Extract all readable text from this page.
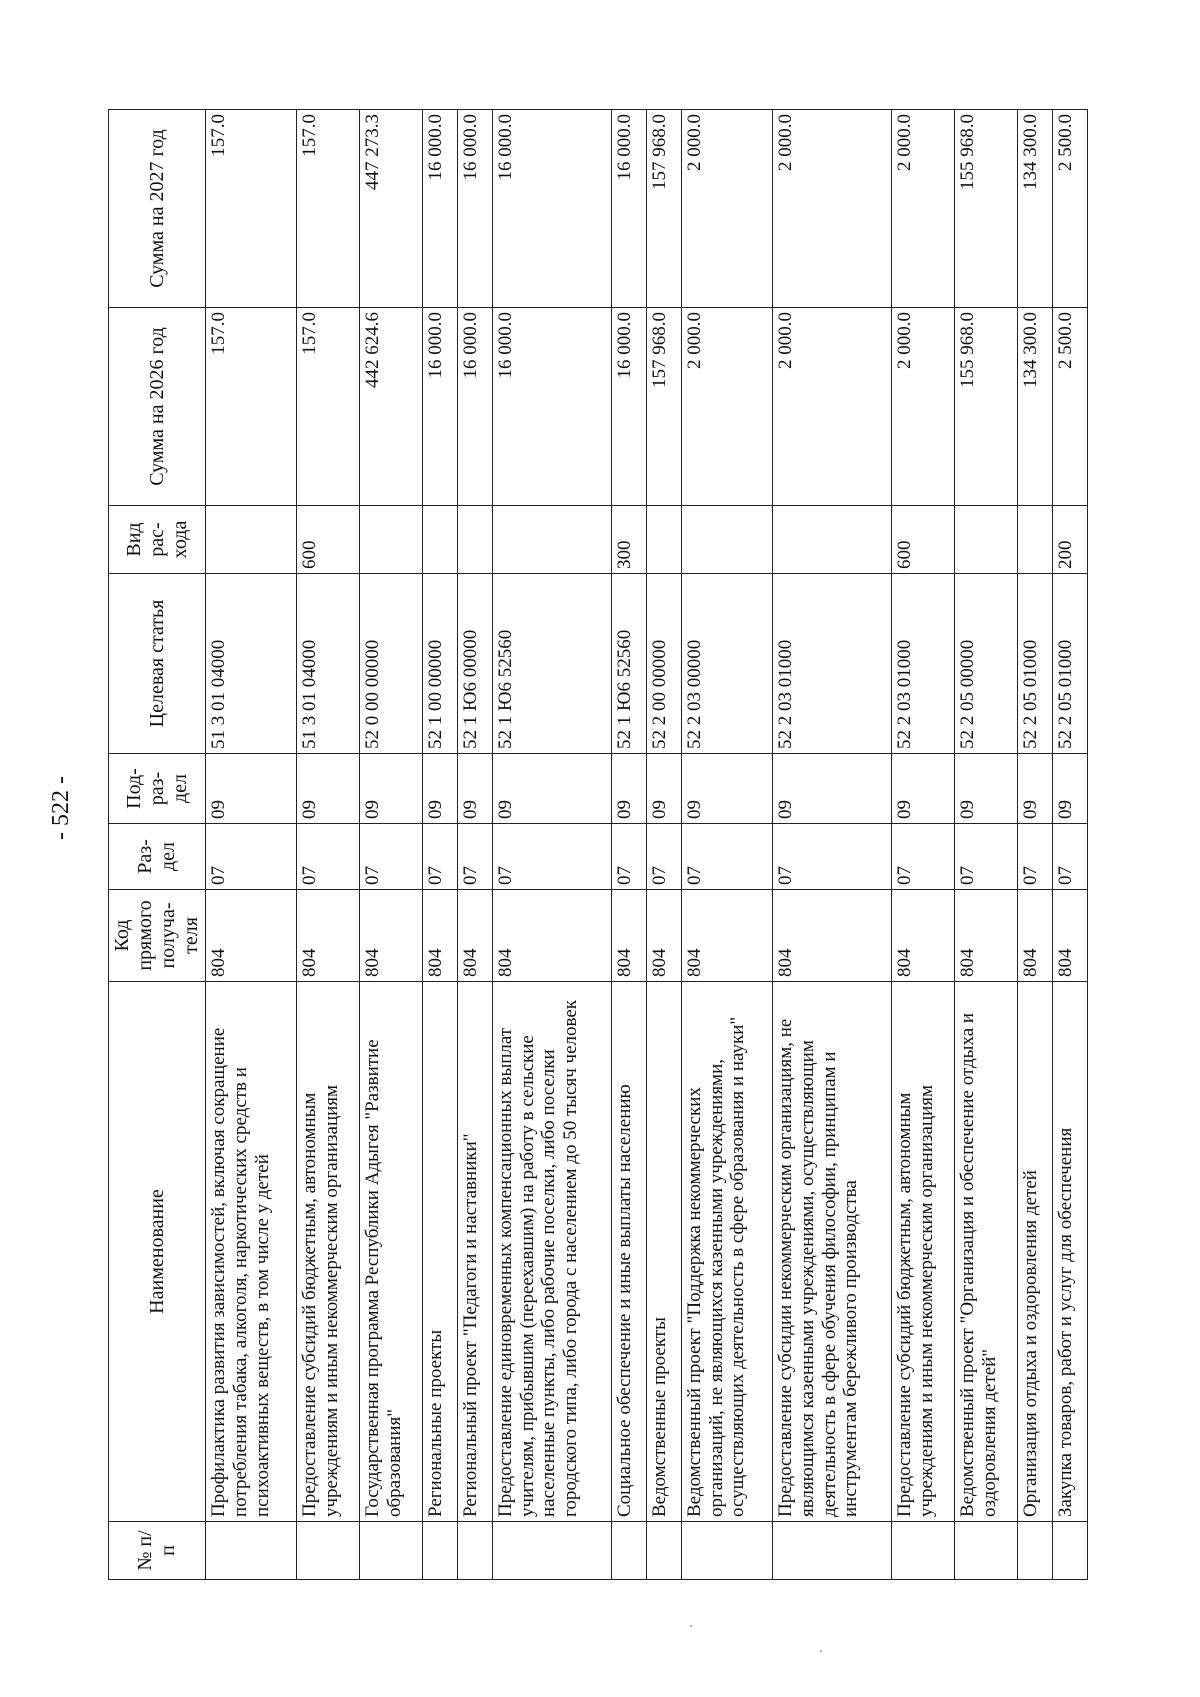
- 522 -
№ п/п	Наименование	Код прямого получа-теля	Раз-дел	Под-раз-дел	Целевая статья	Вид рас-хода	Сумма на 2026 год	Сумма на 2027 год
	Профилактика развития зависимостей, включая сокращение потребления табака, алкоголя, наркотических средств и психоактивных веществ, в том числе у детей	804	07	09	51 3 01 04000		157.0	157.0
	Предоставление субсидий бюджетным, автономным учреждениям и иным некоммерческим организациям	804	07	09	51 3 01 04000	600	157.0	157.0
	Государственная программа Республики Адыгея "Развитие образования"	804	07	09	52 0 00 00000		442 624.6	447 273.3
	Региональные проекты	804	07	09	52 1 00 00000		16 000.0	16 000.0
	Региональный проект "Педагоги и наставники"	804	07	09	52 1 Ю6 00000		16 000.0	16 000.0
	Предоставление единовременных компенсационных выплат учителям, прибывшим (переехавшим) на работу в сельские населенные пункты, либо рабочие поселки, либо поселки городского типа, либо города с населением до 50 тысяч человек	804	07	09	52 1 Ю6 52560		16 000.0	16 000.0
	Социальное обеспечение и иные выплаты населению	804	07	09	52 1 Ю6 52560	300	16 000.0	16 000.0
	Ведомственные проекты	804	07	09	52 2 00 00000		157 968.0	157 968.0
	Ведомственный проект "Поддержка некоммерческих организаций, не являющихся казенными учреждениями, осуществляющих деятельность в сфере образования и науки"	804	07	09	52 2 03 00000		2 000.0	2 000.0
	Предоставление субсидии некоммерческим организациям, не являющимся казенными учреждениями, осуществляющим деятельность в сфере обучения философии, принципам и инструментам бережливого производства	804	07	09	52 2 03 01000		2 000.0	2 000.0
	Предоставление субсидий бюджетным, автономным учреждениям и иным некоммерческим организациям	804	07	09	52 2 03 01000	600	2 000.0	2 000.0
	Ведомственный проект "Организация и обеспечение отдыха и оздоровления детей"	804	07	09	52 2 05 00000		155 968.0	155 968.0
	Организация отдыха и оздоровления детей	804	07	09	52 2 05 01000		134 300.0	134 300.0
	Закупка товаров, работ и услуг для обеспечения	804	07	09	52 2 05 01000	200	2 500.0	2 500.0
